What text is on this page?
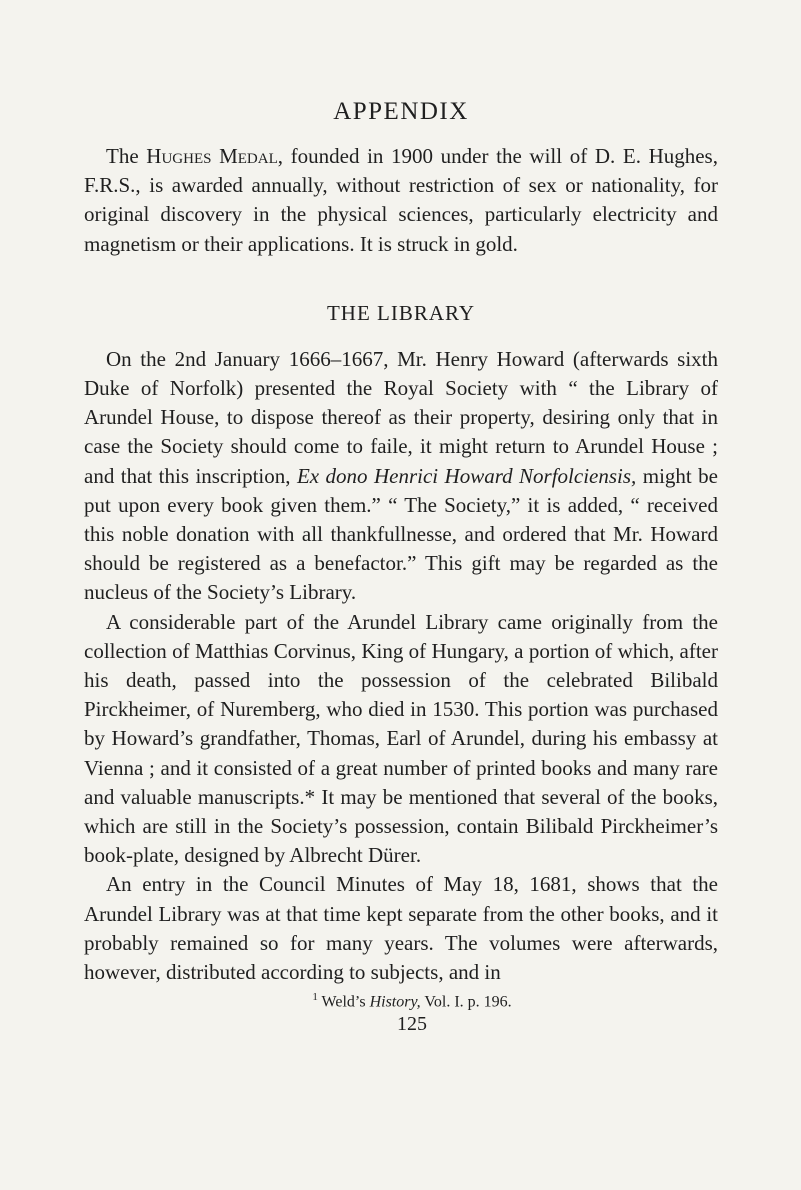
APPENDIX

The Hughes Medal, founded in 1900 under the will of D. E. Hughes, F.R.S., is awarded annually, without restriction of sex or nationality, for original discovery in the physical sciences, particularly electricity and magnetism or their applications. It is struck in gold.

THE LIBRARY

On the 2nd January 1666–1667, Mr. Henry Howard (afterwards sixth Duke of Norfolk) presented the Royal Society with “ the Library of Arundel House, to dispose thereof as their property, desiring only that in case the Society should come to faile, it might return to Arundel House ; and that this inscription, Ex dono Henrici Howard Norfolciensis, might be put upon every book given them.” “ The Society,” it is added, “ received this noble donation with all thankfullnesse, and ordered that Mr. Howard should be registered as a benefactor.” This gift may be regarded as the nucleus of the Society’s Library.

A considerable part of the Arundel Library came originally from the collection of Matthias Corvinus, King of Hungary, a portion of which, after his death, passed into the possession of the celebrated Bilibald Pirckheimer, of Nuremberg, who died in 1530. This portion was purchased by Howard’s grandfather, Thomas, Earl of Arundel, during his embassy at Vienna ; and it consisted of a great number of printed books and many rare and valuable manuscripts.* It may be mentioned that several of the books, which are still in the Society’s possession, contain Bilibald Pirckheimer’s book-plate, designed by Albrecht Dürer.

An entry in the Council Minutes of May 18, 1681, shows that the Arundel Library was at that time kept separate from the other books, and it probably remained so for many years. The volumes were afterwards, however, distributed according to subjects, and in

$^1$ Weld’s History, Vol. I. p. 196.

125
